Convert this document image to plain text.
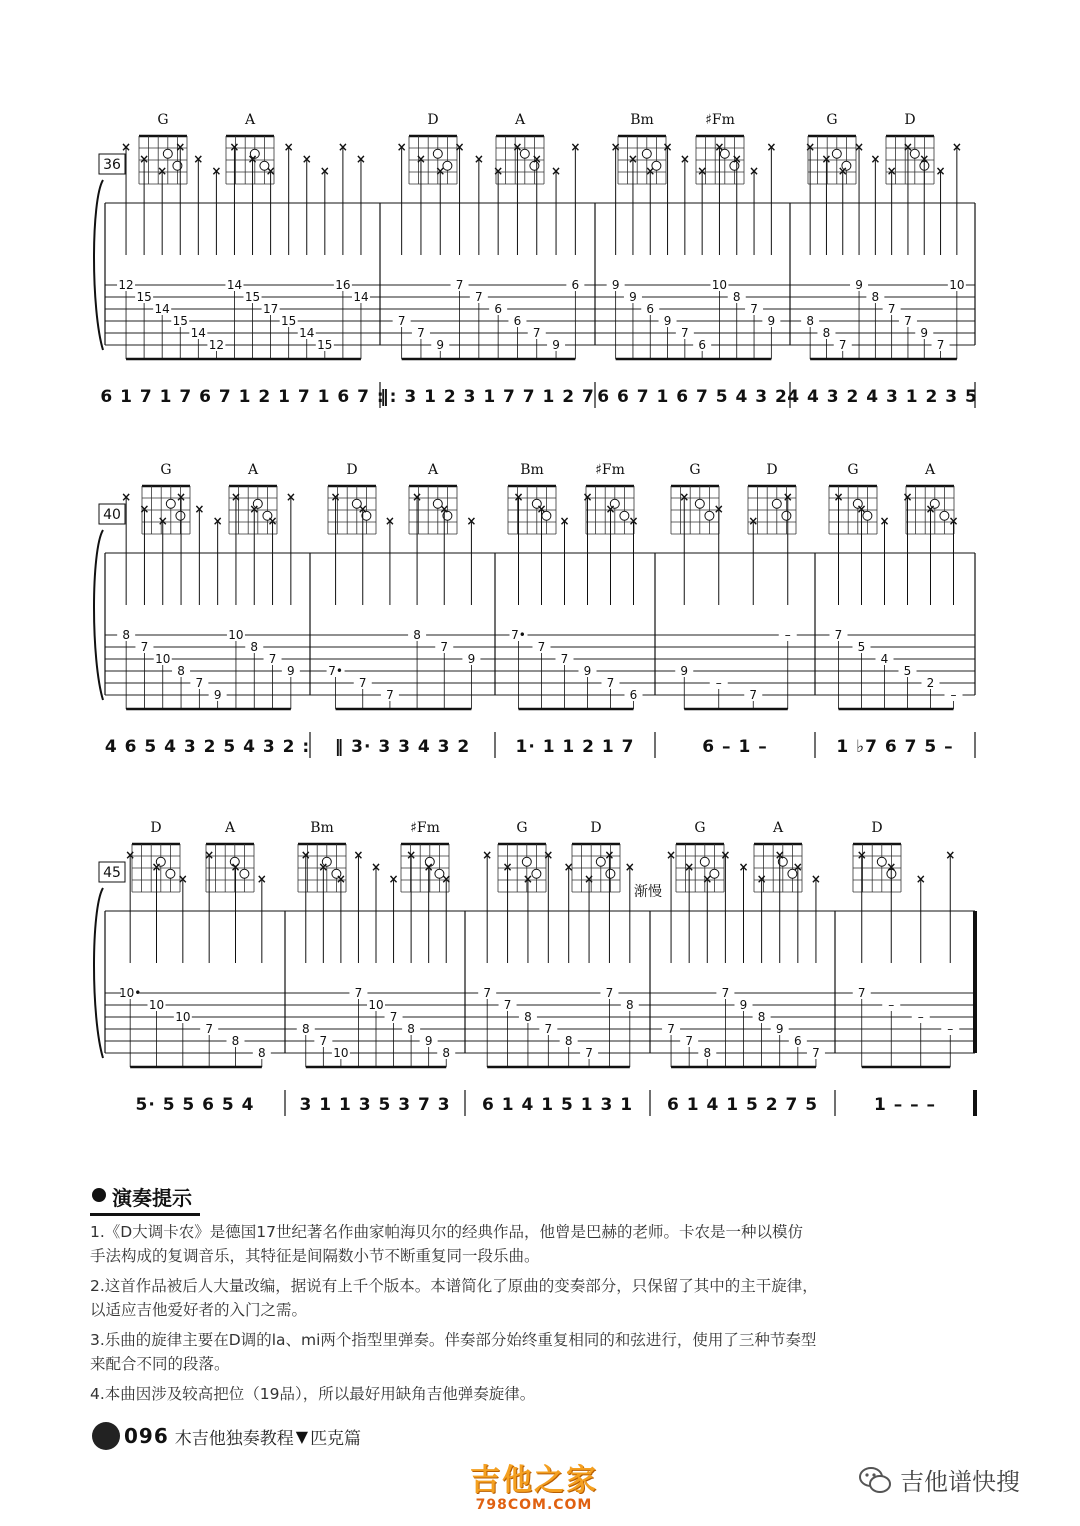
36
G	A	D	A	Bm	♯Fm	G	D
×
12
×
15
×
14
×
15
×
14
×
12
×
14
×
15
×
17
×
15
×
14
×
15
×
16
×
14
×
7
×
7
×
9
×
7
×
7
×
6
×
6
×
7
×
9
×
6
×
9
×
9
×
6
×
9
×
7
×
6
×
10
×
8
×
7
×
9
×
8
×
8
×
7
×
9
×
8
×
7
×
7
×
9
×
7
×
10
6 1 7 1 7 6 7 1 2 1 7 1 6 7 :
‖: 3 1 2 3 1 7 7 1 2 7 6 6 7 1 6 7 5 4 3 2 4 4 3 2 4 3 1 2 3 5
40
G	A	D	A	Bm	♯Fm	G	D	G	A
×
8
×
7
×
10
×
8
×
7
×
9
×
10
×
8
×
7
×
9
×
7•
×
7
×
7
×
8
×
7
×
9
×
7•
×
7
×
7
×
9
×
7
×
6
×
9
×
–
×
7
×
–
×
7
×
5
×
4
×
5
×
2
×
–
4 6 5 4 3 2 5 4 3 2 : ‖ 3· 3 3 4 3 2	1· 1 1 2 1 7	6 – 1 –	1 ♭7 6 7 5 –
45
D	A	Bm	♯Fm	G	D	G	A	D
渐慢
×
10•
×
10
×
10
×
7
×
8
×
8
×
8
×
7
×
10
×
7
×
10
×
7
×
8
×
9
×
8
×
7
×
7
×
8
×
7
×
8
×
7
×
7
×
8
×
7
×
7
×
8
×
7
×
9
×
8
×
9
×
6
×
7
×
7
×
–
×
–
×
–
5· 5 5 6 5 4	3 1 1 3 5 3 7 3 6 1 4 1 5 1 3 1 6 1 4 1 5 2 7 5	1 – – –
演奏提示

1.《D大调卡农》是德国17世纪著名作曲家帕海贝尔的经典作品，他曾是巴赫的老师。卡农是一种以模仿

手法构成的复调音乐，其特征是间隔数小节不断重复同一段乐曲。

2.这首作品被后人大量改编，据说有上千个版本。本谱简化了原曲的变奏部分，只保留了其中的主干旋律，

以适应吉他爱好者的入门之需。

3.乐曲的旋律主要在D调的la、mi两个指型里弹奏。伴奏部分始终重复相同的和弦进行，使用了三种节奏型

来配合不同的段落。

4.本曲因涉及较高把位（19品），所以最好用缺角吉他弹奏旋律。

096 木吉他独奏教程 ▼ 匹克篇
吉他之家
798COM.COM
吉他谱快搜
